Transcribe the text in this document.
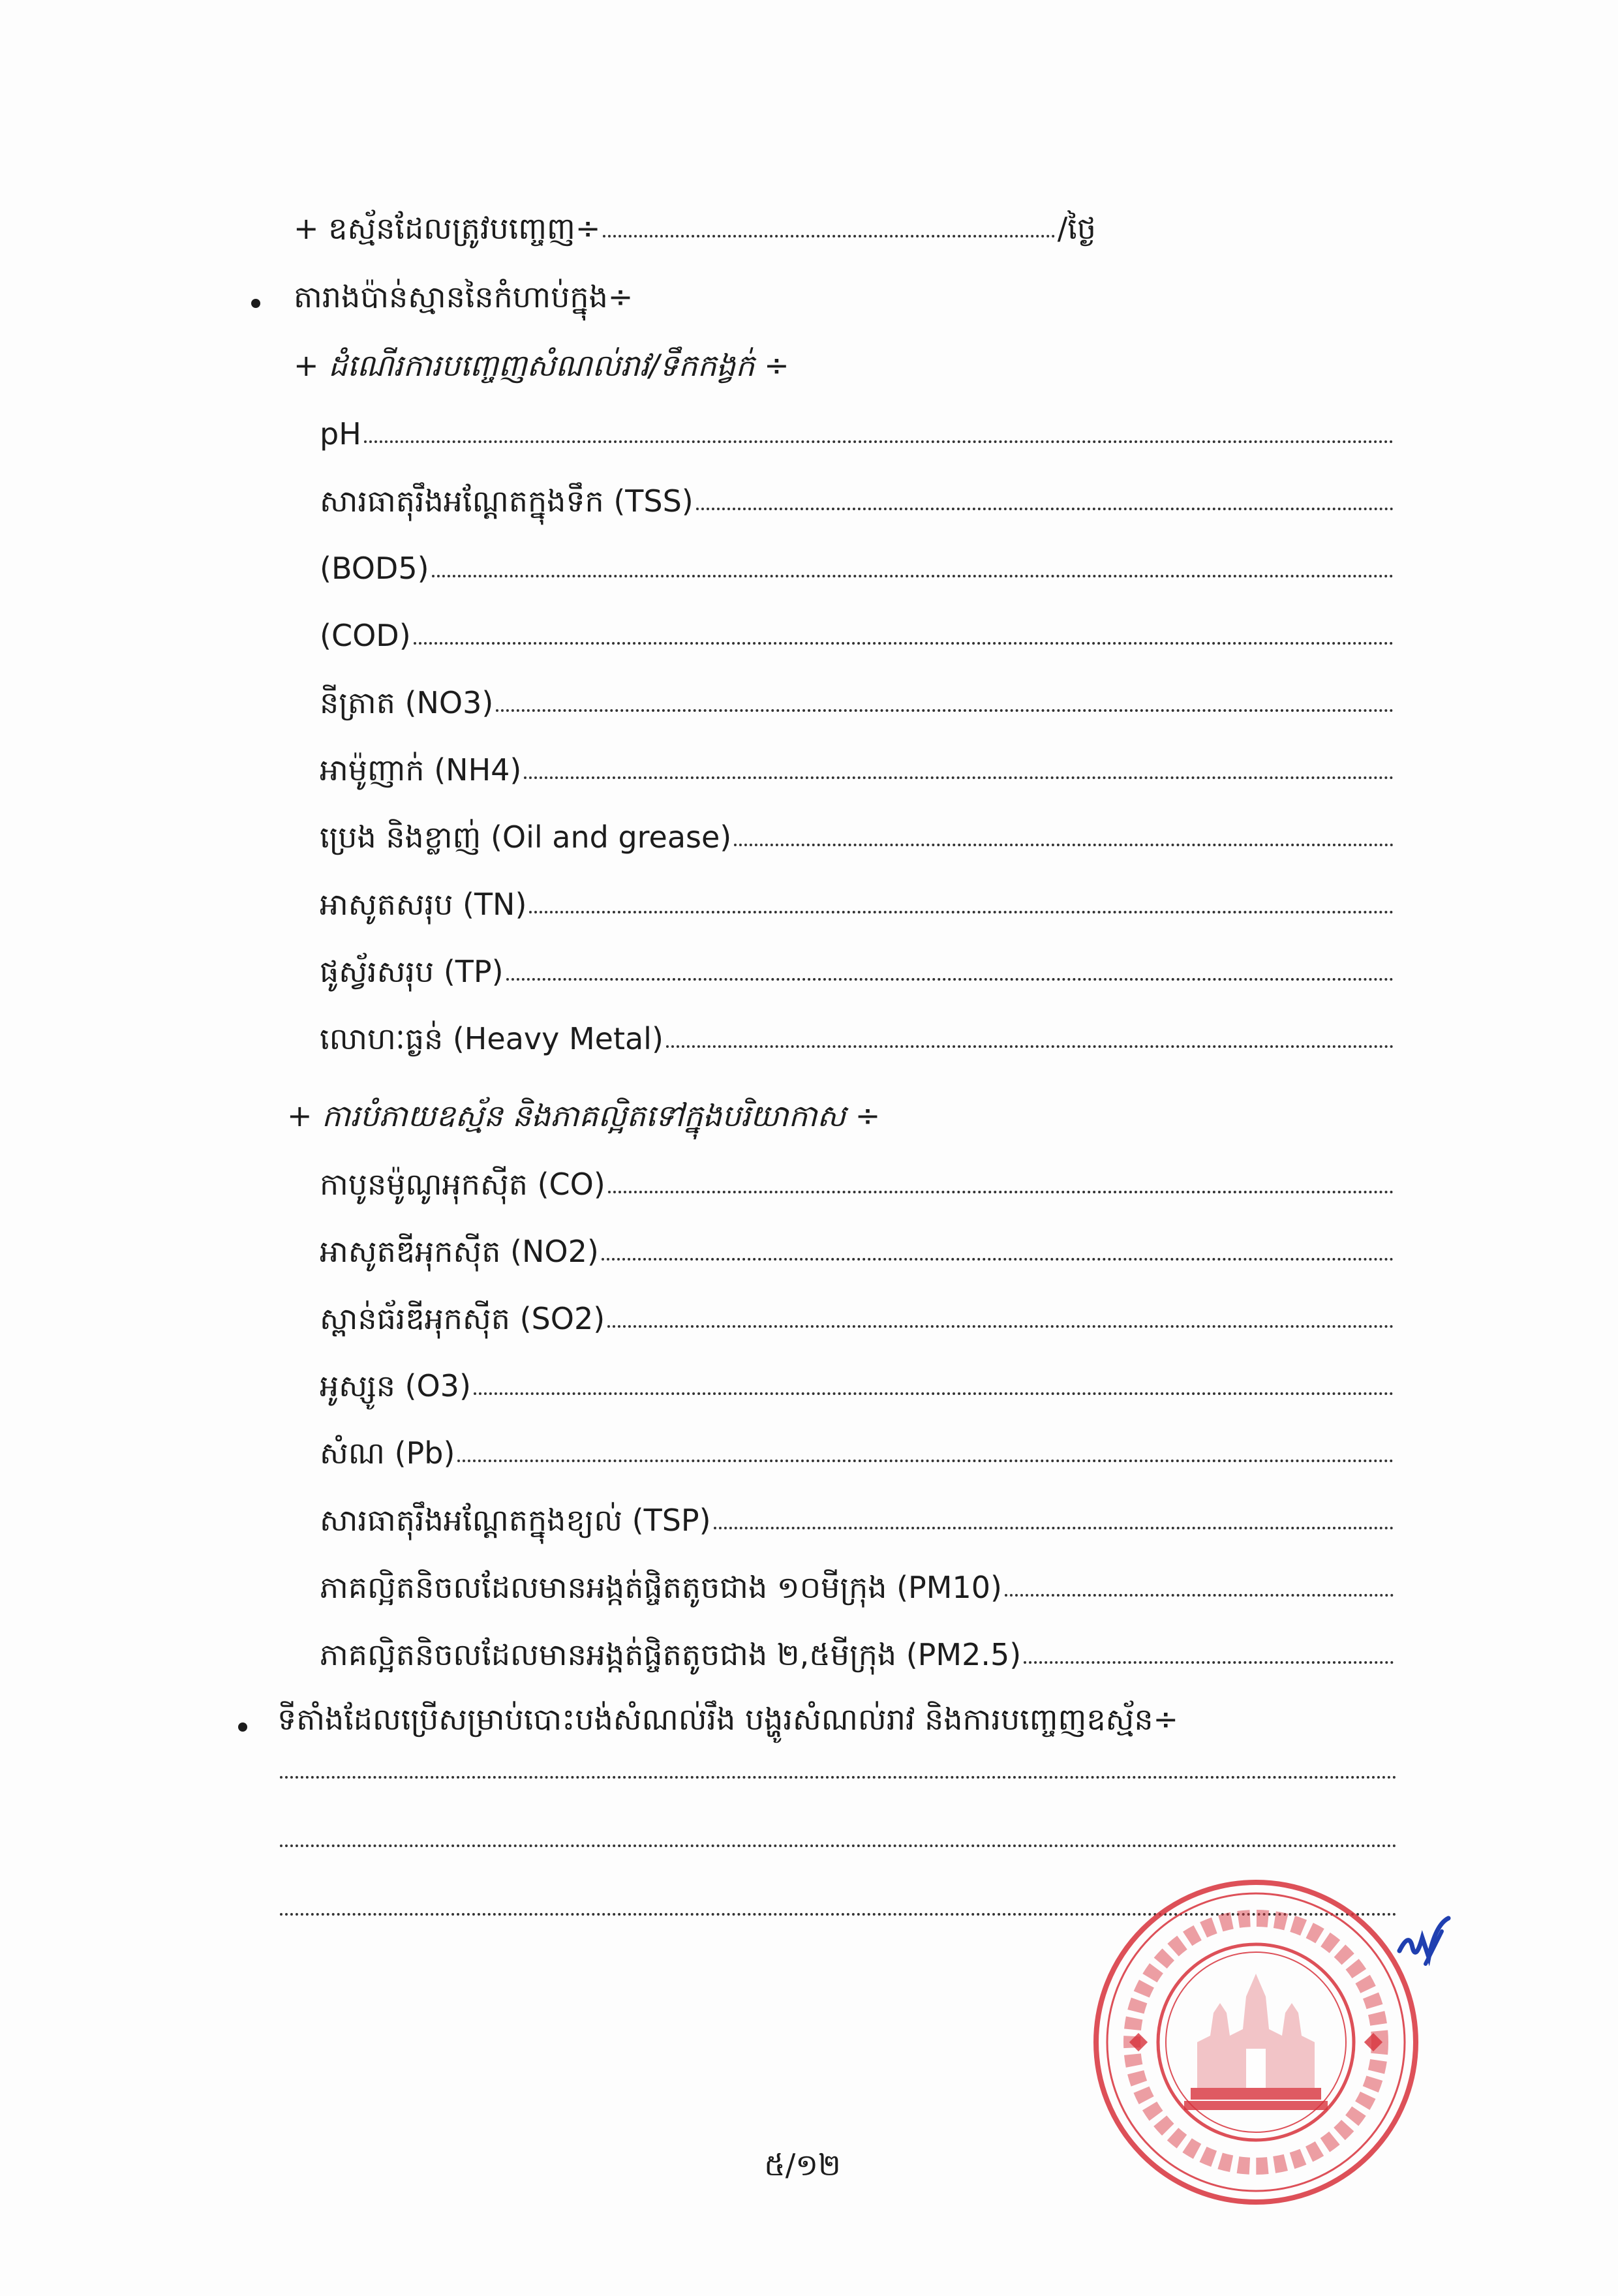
+ ឧស្ម័នដែលត្រូវបញ្ចេញ÷	/ថ្ងៃ
តារាងប៉ាន់ស្មាននៃកំហាប់ក្នុង÷
+ ដំណើរការបញ្ចេញសំណល់រាវ/ទឹកកង្វក់ ÷
pH
សារធាតុរឹងអណ្តែតក្នុងទឹក (TSS)
(BOD5)
(COD)
នីត្រាត (NO3)
អាម៉ូញាក់ (NH4)
ប្រេង និងខ្លាញ់ (Oil and grease)
អាសូតសរុប (TN)
ផូស្វ័រសរុប (TP)
លោហៈធ្ងន់ (Heavy Metal)
+ ការបំភាយឧស្ម័ន និងភាគល្អិតទៅក្នុងបរិយាកាស ÷
កាបូនម៉ូណូអុកស៊ីត (CO)
អាសូតឌីអុកស៊ីត (NO2)
ស្ពាន់ធ័រឌីអុកស៊ីត (SO2)
អូស្សូន (O3)
សំណ (Pb)
សារធាតុរឹងអណ្តែតក្នុងខ្យល់ (TSP)
ភាគល្អិតនិចលដែលមានអង្កត់ផ្ចិតតូចជាង ១០មីក្រុង (PM10)
ភាគល្អិតនិចលដែលមានអង្កត់ផ្ចិតតូចជាង ២,៥មីក្រុង (PM2.5)
ទីតាំងដែលប្រើសម្រាប់បោះបង់សំណល់រឹង បង្ហូរសំណល់រាវ និងការបញ្ចេញឧស្ម័ន÷
៥/១២
